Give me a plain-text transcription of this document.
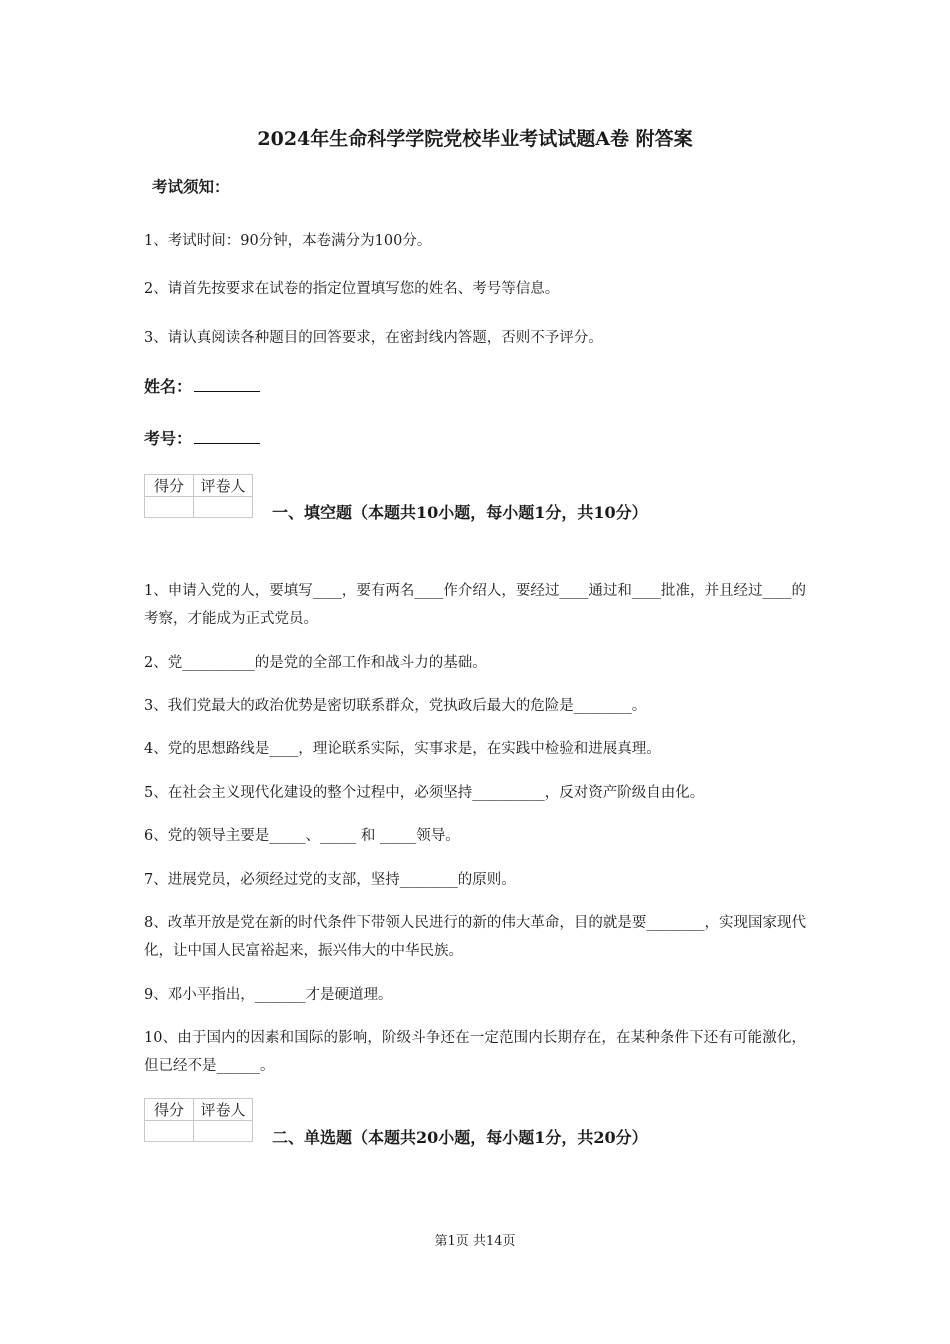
2024年生命科学学院党校毕业考试试题A卷 附答案
考试须知：
1、考试时间：90分钟，本卷满分为100分。
2、请首先按要求在试卷的指定位置填写您的姓名、考号等信息。
3、请认真阅读各种题目的回答要求，在密封线内答题，否则不予评分。
姓名：
考号：
得分	评卷人

一、填空题（本题共10小题，每小题1分，共10分）
1、申请入党的人，要填写____，要有两名____作介绍人，要经过____通过和____批准，并且经过____的考察，才能成为正式党员。
2、党__________的是党的全部工作和战斗力的基础。
3、我们党最大的政治优势是密切联系群众，党执政后最大的危险是________。
4、党的思想路线是____，理论联系实际，实事求是，在实践中检验和进展真理。
5、在社会主义现代化建设的整个过程中，必须坚持__________，反对资产阶级自由化。
6、党的领导主要是_____、_____ 和 _____领导。
7、进展党员，必须经过党的支部，坚持________的原则。
8、改革开放是党在新的时代条件下带领人民进行的新的伟大革命，目的就是要________，实现国家现代化，让中国人民富裕起来，振兴伟大的中华民族。
9、邓小平指出，_______才是硬道理。
10、由于国内的因素和国际的影响，阶级斗争还在一定范围内长期存在，在某种条件下还有可能激化，但已经不是______。
得分	评卷人

二、单选题（本题共20小题，每小题1分，共20分）
第1页 共14页
